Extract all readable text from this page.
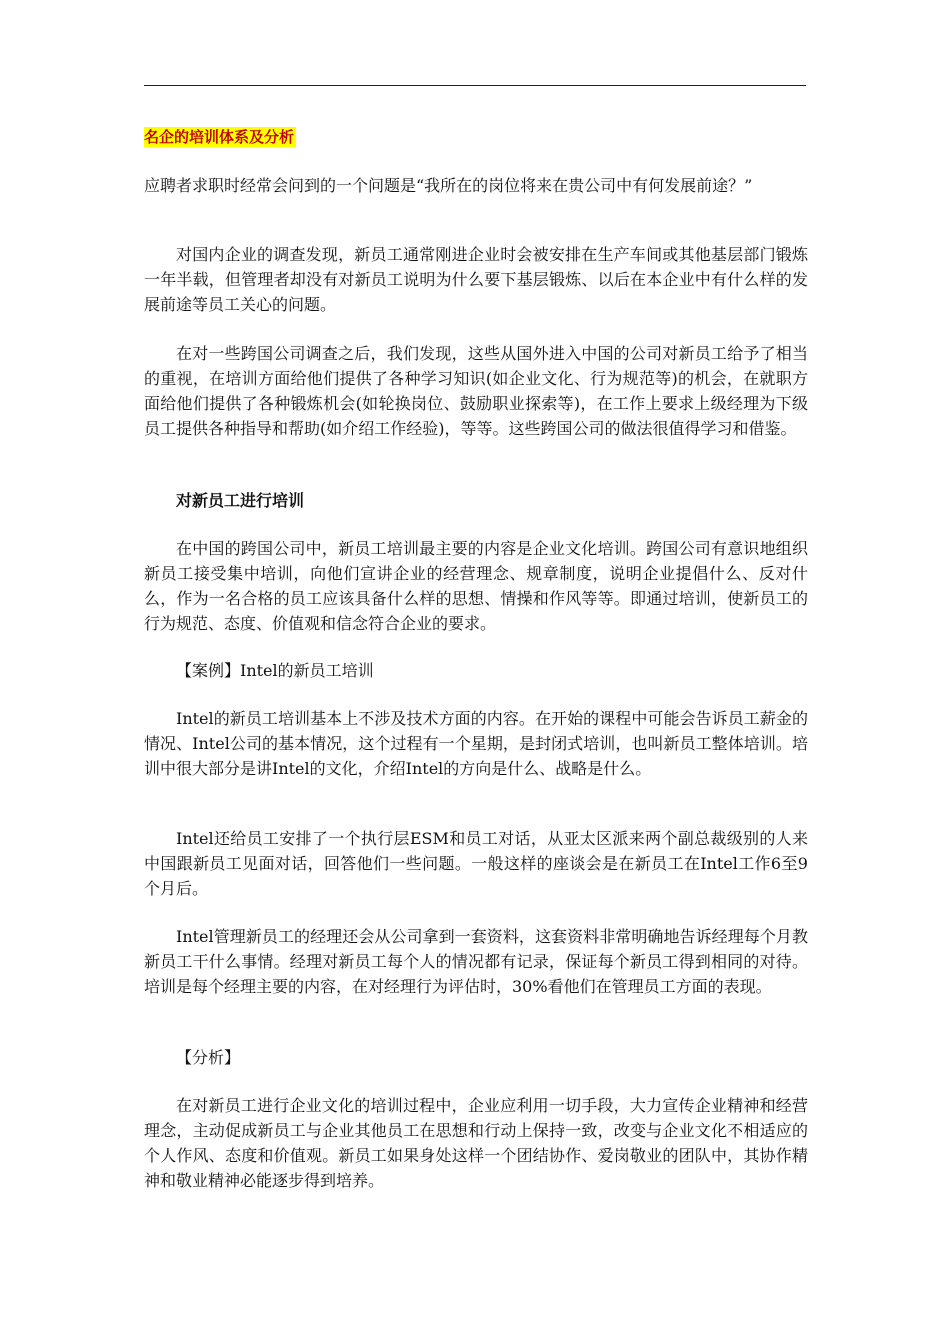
名企的培训体系及分析

应聘者求职时经常会问到的一个问题是“我所在的岗位将来在贵公司中有何发展前途？”

对国内企业的调查发现，新员工通常刚进企业时会被安排在生产车间或其他基层部门锻炼一年半载，但管理者却没有对新员工说明为什么要下基层锻炼、以后在本企业中有什么样的发展前途等员工关心的问题。

在对一些跨国公司调查之后，我们发现，这些从国外进入中国的公司对新员工给予了相当的重视，在培训方面给他们提供了各种学习知识(如企业文化、行为规范等)的机会，在就职方面给他们提供了各种锻炼机会(如轮换岗位、鼓励职业探索等)，在工作上要求上级经理为下级员工提供各种指导和帮助(如介绍工作经验)，等等。这些跨国公司的做法很值得学习和借鉴。

对新员工进行培训

在中国的跨国公司中，新员工培训最主要的内容是企业文化培训。跨国公司有意识地组织新员工接受集中培训，向他们宣讲企业的经营理念、规章制度，说明企业提倡什么、反对什么，作为一名合格的员工应该具备什么样的思想、情操和作风等等。即通过培训，使新员工的行为规范、态度、价值观和信念符合企业的要求。

【案例】Intel的新员工培训

Intel的新员工培训基本上不涉及技术方面的内容。在开始的课程中可能会告诉员工薪金的情况、Intel公司的基本情况，这个过程有一个星期，是封闭式培训，也叫新员工整体培训。培训中很大部分是讲Intel的文化，介绍Intel的方向是什么、战略是什么。

Intel还给员工安排了一个执行层ESM和员工对话，从亚太区派来两个副总裁级别的人来中国跟新员工见面对话，回答他们一些问题。一般这样的座谈会是在新员工在Intel工作6至9个月后。

Intel管理新员工的经理还会从公司拿到一套资料，这套资料非常明确地告诉经理每个月教新员工干什么事情。经理对新员工每个人的情况都有记录，保证每个新员工得到相同的对待。培训是每个经理主要的内容，在对经理行为评估时，30%看他们在管理员工方面的表现。

【分析】

在对新员工进行企业文化的培训过程中，企业应利用一切手段，大力宣传企业精神和经营理念，主动促成新员工与企业其他员工在思想和行动上保持一致，改变与企业文化不相适应的个人作风、态度和价值观。新员工如果身处这样一个团结协作、爱岗敬业的团队中，其协作精神和敬业精神必能逐步得到培养。
